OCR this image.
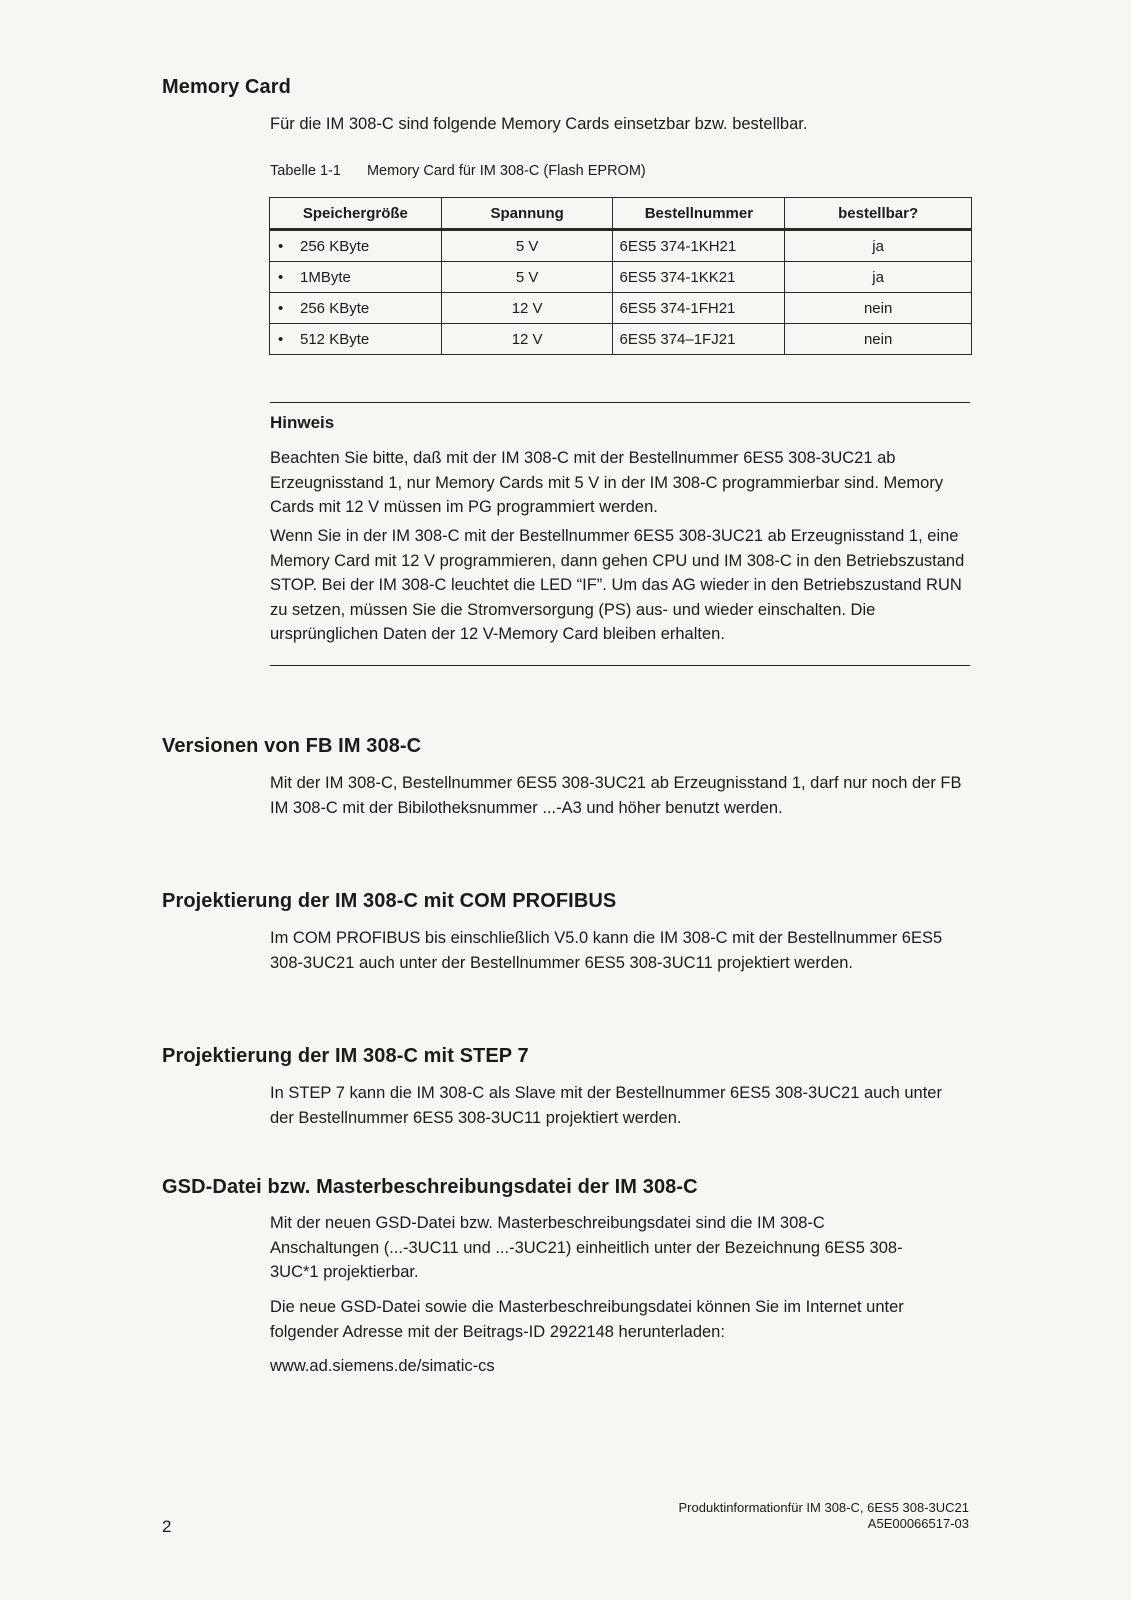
Memory Card

Für die IM 308-C sind folgende Memory Cards einsetzbar bzw. bestellbar.

Tabelle 1-1 Memory Card für IM 308-C (Flash EPROM)
Speichergröße	Spannung	Bestellnummer	bestellbar?
• 256 KByte	5 V	6ES5 374-1KH21	ja
• 1MByte	5 V	6ES5 374-1KK21	ja
• 256 KByte	12 V	6ES5 374-1FH21	nein
• 512 KByte	12 V	6ES5 374–1FJ21	nein
Hinweis

Beachten Sie bitte, daß mit der IM 308-C mit der Bestellnummer 6ES5 308-3UC21 ab Erzeugnisstand 1, nur Memory Cards mit 5 V in der IM 308-C programmierbar sind. Memory Cards mit 12 V müssen im PG programmiert werden.

Wenn Sie in der IM 308-C mit der Bestellnummer 6ES5 308-3UC21 ab Erzeugnisstand 1, eine Memory Card mit 12 V programmieren, dann gehen CPU und IM 308-C in den Betriebszustand STOP. Bei der IM 308-C leuchtet die LED “IF”. Um das AG wieder in den Betriebszustand RUN zu setzen, müssen Sie die Stromversorgung (PS) aus- und wieder einschalten. Die ursprünglichen Daten der 12 V-Memory Card bleiben erhalten.

Versionen von FB IM 308-C

Mit der IM 308-C, Bestellnummer 6ES5 308-3UC21 ab Erzeugnisstand 1, darf nur noch der FB IM 308-C mit der Bibilotheksnummer ...-A3 und höher benutzt werden.

Projektierung der IM 308-C mit COM PROFIBUS

Im COM PROFIBUS bis einschließlich V5.0 kann die IM 308-C mit der Bestellnummer 6ES5 308-3UC21 auch unter der Bestellnummer 6ES5 308-3UC11 projektiert werden.

Projektierung der IM 308-C mit STEP 7

In STEP 7 kann die IM 308-C als Slave mit der Bestellnummer 6ES5 308-3UC21 auch unter der Bestellnummer 6ES5 308-3UC11 projektiert werden.

GSD-Datei bzw. Masterbeschreibungsdatei der IM 308-C

Mit der neuen GSD-Datei bzw. Masterbeschreibungsdatei sind die IM 308-C Anschaltungen (...-3UC11 und ...-3UC21) einheitlich unter der Bezeichnung 6ES5 308-3UC*1 projektierbar.

Die neue GSD-Datei sowie die Masterbeschreibungsdatei können Sie im Internet unter folgender Adresse mit der Beitrags-ID 2922148 herunterladen:

www.ad.siemens.de/simatic-cs

2
Produktinformationfür IM 308-C, 6ES5 308-3UC21
A5E00066517-03
